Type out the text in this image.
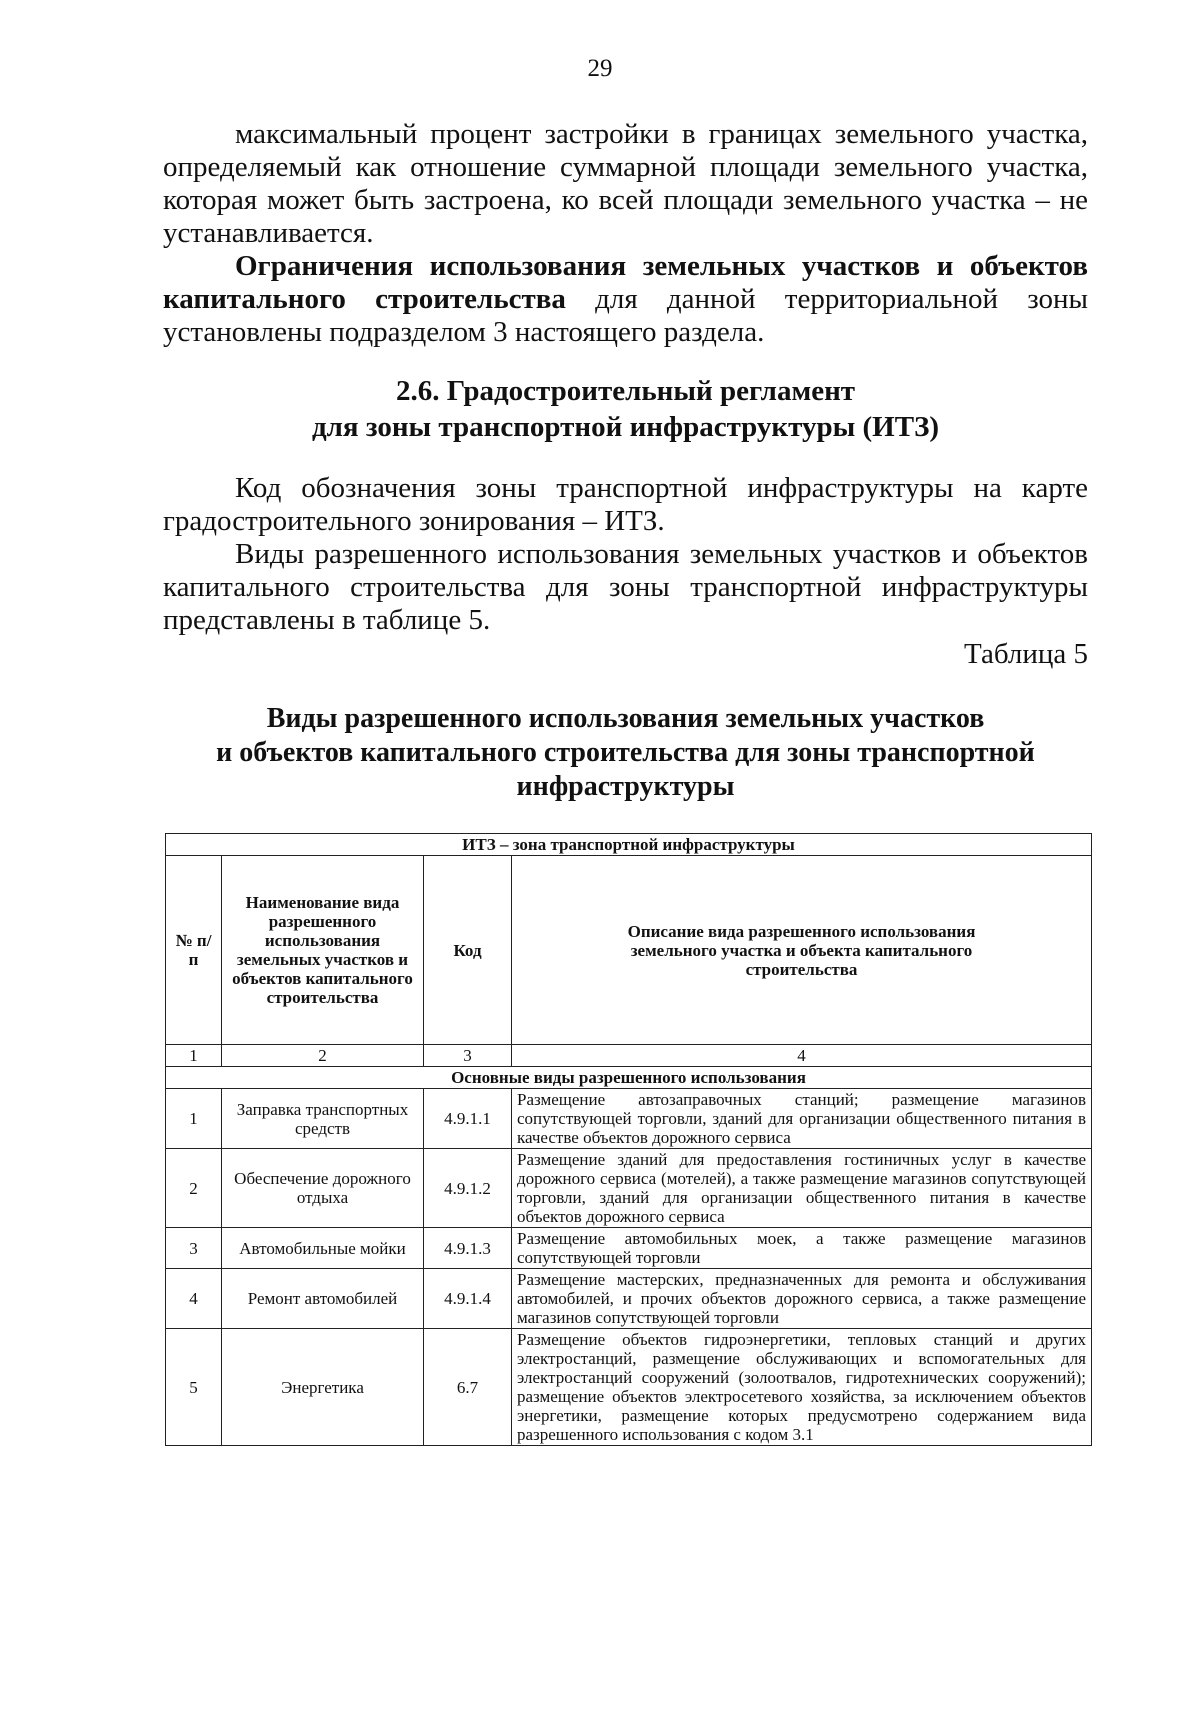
29
максимальный процент застройки в границах земельного участка, определяемый как отношение суммарной площади земельного участка, которая может быть застроена, ко всей площади земельного участка – не устанавливается.
Ограничения использования земельных участков и объектов капитального строительства для данной территориальной зоны установлены подразделом 3 настоящего раздела.
2.6. Градостроительный регламент
для зоны транспортной инфраструктуры (ИТЗ)
Код обозначения зоны транспортной инфраструктуры на карте градостроительного зонирования – ИТЗ.
Виды разрешенного использования земельных участков и объектов капитального строительства для зоны транспортной инфраструктуры представлены в таблице 5.
Таблица 5
Виды разрешенного использования земельных участков
и объектов капитального строительства для зоны транспортной
инфраструктуры
ИТЗ – зона транспортной инфраструктуры			
№ п/п	Наименование вида разрешенного использования земельных участков и объектов капитального строительства	Код	Описание вида разрешенного использования земельного участка и объекта капитального строительства
1	2	3	4
Основные виды разрешенного использования			
1	Заправка транспортных средств	4.9.1.1	Размещение автозаправочных станций; размещение магазинов сопутствующей торговли, зданий для организации общественного питания в качестве объектов дорожного сервиса
2	Обеспечение дорожного отдыха	4.9.1.2	Размещение зданий для предоставления гостиничных услуг в качестве дорожного сервиса (мотелей), а также размещение магазинов сопутствующей торговли, зданий для организации общественного питания в качестве объектов дорожного сервиса
3	Автомобильные мойки	4.9.1.3	Размещение автомобильных моек, а также размещение магазинов сопутствующей торговли
4	Ремонт автомобилей	4.9.1.4	Размещение мастерских, предназначенных для ремонта и обслуживания автомобилей, и прочих объектов дорожного сервиса, а также размещение магазинов сопутствующей торговли
5	Энергетика	6.7	Размещение объектов гидроэнергетики, тепловых станций и других электростанций, размещение обслуживающих и вспомогательных для электростанций сооружений (золоотвалов, гидротехнических сооружений); размещение объектов электросетевого хозяйства, за исключением объектов энергетики, размещение которых предусмотрено содержанием вида разрешенного использования с кодом 3.1
